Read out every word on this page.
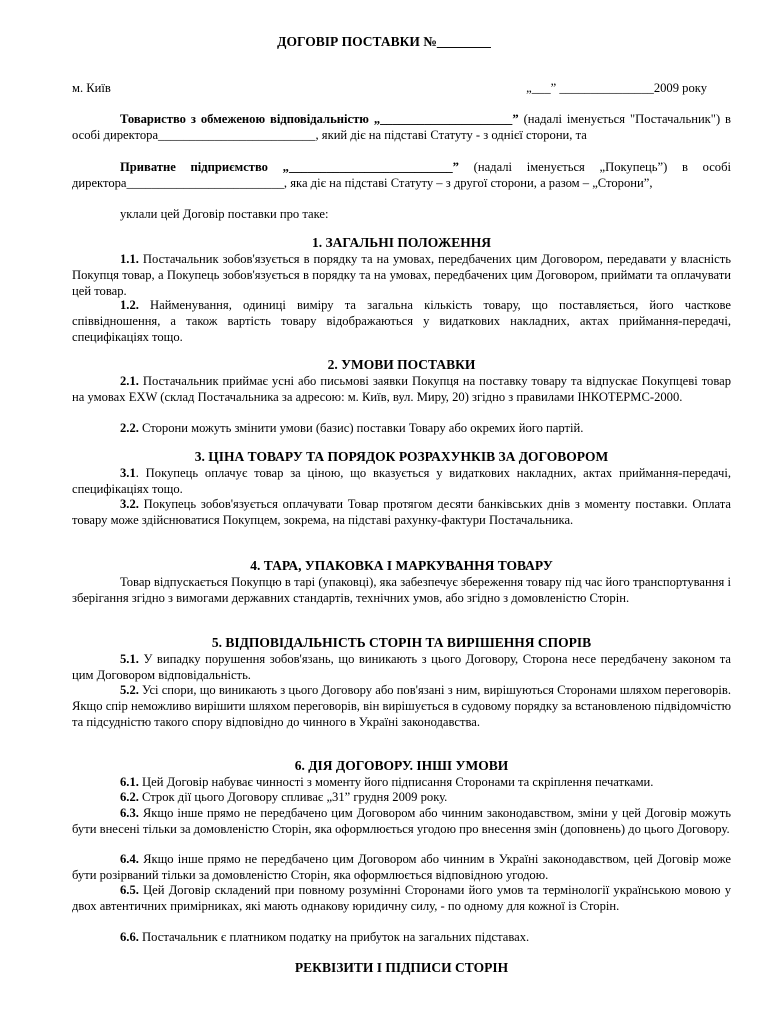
ДОГОВІР ПОСТАВКИ №________
м. Київ	„___” _______________2009 року
Товариство з обмеженою відповідальністю „_____________________” (надалі іменується "Постачальник") в особі директора_________________________, який діє на підставі Статуту - з однієї сторони, та
Приватне підприємство „__________________________” (надалі іменується „Покупець”) в особі директора_________________________, яка діє на підставі Статуту – з другої сторони, а разом – „Сторони”,
уклали цей Договір поставки про таке:
1. ЗАГАЛЬНІ ПОЛОЖЕННЯ
1.1. Постачальник зобов'язується в порядку та на умовах, передбачених цим Договором, передавати у власність Покупця товар, а Покупець зобов'язується в порядку та на умовах, передбачених цим Договором, приймати та оплачувати цей товар.
1.2. Найменування, одиниці виміру та загальна кількість товару, що поставляється, його часткове співвідношення, а також вартість товару відображаються у видаткових накладних, актах приймання-передачі, специфікаціях тощо.
2. УМОВИ ПОСТАВКИ
2.1. Постачальник приймає усні або письмові заявки Покупця на поставку товару та відпускає Покупцеві товар на умовах EXW (склад Постачальника за адресою: м. Київ, вул. Миру, 20) згідно з правилами ІНКОТЕРМС-2000.
2.2. Сторони можуть змінити умови (базис) поставки Товару або окремих його партій.
3. ЦІНА ТОВАРУ ТА ПОРЯДОК РОЗРАХУНКІВ ЗА ДОГОВОРОМ
3.1. Покупець оплачує товар за ціною, що вказується у видаткових накладних, актах приймання-передачі, специфікаціях тощо.
3.2. Покупець зобов'язується оплачувати Товар протягом десяти банківських днів з моменту поставки. Оплата товару може здійснюватися Покупцем, зокрема, на підставі рахунку-фактури Постачальника.
4. ТАРА, УПАКОВКА І МАРКУВАННЯ ТОВАРУ
Товар відпускається Покупцю в тарі (упаковці), яка забезпечує збереження товару під час його транспортування і зберігання згідно з вимогами державних стандартів, технічних умов, або згідно з домовленістю Сторін.
5. ВІДПОВІДАЛЬНІСТЬ СТОРІН ТА ВИРІШЕННЯ СПОРІВ
5.1. У випадку порушення зобов'язань, що виникають з цього Договору, Сторона несе передбачену законом та цим Договором відповідальність.
5.2. Усі спори, що виникають з цього Договору або пов'язані з ним, вирішуються Сторонами шляхом переговорів. Якщо спір неможливо вирішити шляхом переговорів, він вирішується в судовому порядку за встановленою підвідомчістю та підсудністю такого спору відповідно до чинного в Україні законодавства.
6. ДІЯ ДОГОВОРУ. ІНШІ УМОВИ
6.1. Цей Договір набуває чинності з моменту його підписання Сторонами та скріплення печатками.
6.2. Строк дії цього Договору спливає „31” грудня 2009 року.
6.3. Якщо інше прямо не передбачено цим Договором або чинним законодавством, зміни у цей Договір можуть бути внесені тільки за домовленістю Сторін, яка оформлюється угодою про внесення змін (доповнень) до цього Договору.
6.4. Якщо інше прямо не передбачено цим Договором або чинним в Україні законодавством, цей Договір може бути розірваний тільки за домовленістю Сторін, яка оформлюється відповідною угодою.
6.5. Цей Договір складений при повному розумінні Сторонами його умов та термінології українською мовою у двох автентичних примірниках, які мають однакову юридичну силу, - по одному для кожної із Сторін.
6.6. Постачальник є платником податку на прибуток на загальних підставах.
РЕКВІЗИТИ І ПІДПИСИ СТОРІН
